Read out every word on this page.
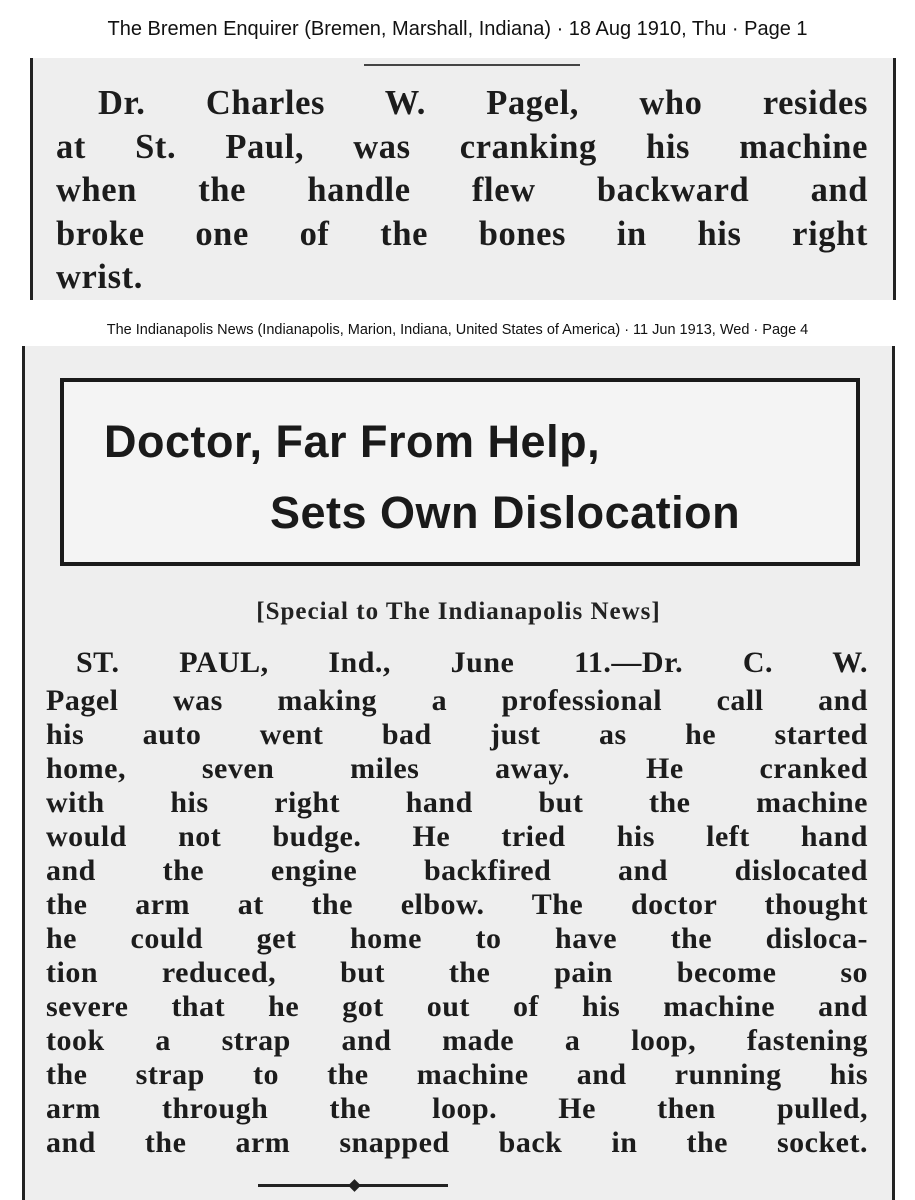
The Bremen Enquirer (Bremen, Marshall, Indiana) · 18 Aug 1910, Thu · Page 1
Dr. Charles W. Pagel, who resides
at St. Paul, was cranking his machine
when the handle flew backward and
broke one of the bones in his right
wrist.
The Indianapolis News (Indianapolis, Marion, Indiana, United States of America) · 11 Jun 1913, Wed · Page 4
Doctor, Far From Help,
Sets Own Dislocation
[Special to The Indianapolis News]
ST. PAUL, Ind., June 11.—Dr. C. W.
Pagel was making a professional call and
his auto went bad just as he started
home, seven miles away. He cranked
with his right hand but the machine
would not budge. He tried his left hand
and the engine backfired and dislocated
the arm at the elbow. The doctor thought
he could get home to have the disloca-
tion reduced, but the pain become so
severe that he got out of his machine and
took a strap and made a loop, fastening
the strap to the machine and running his
arm through the loop. He then pulled,
and the arm snapped back in the socket.
